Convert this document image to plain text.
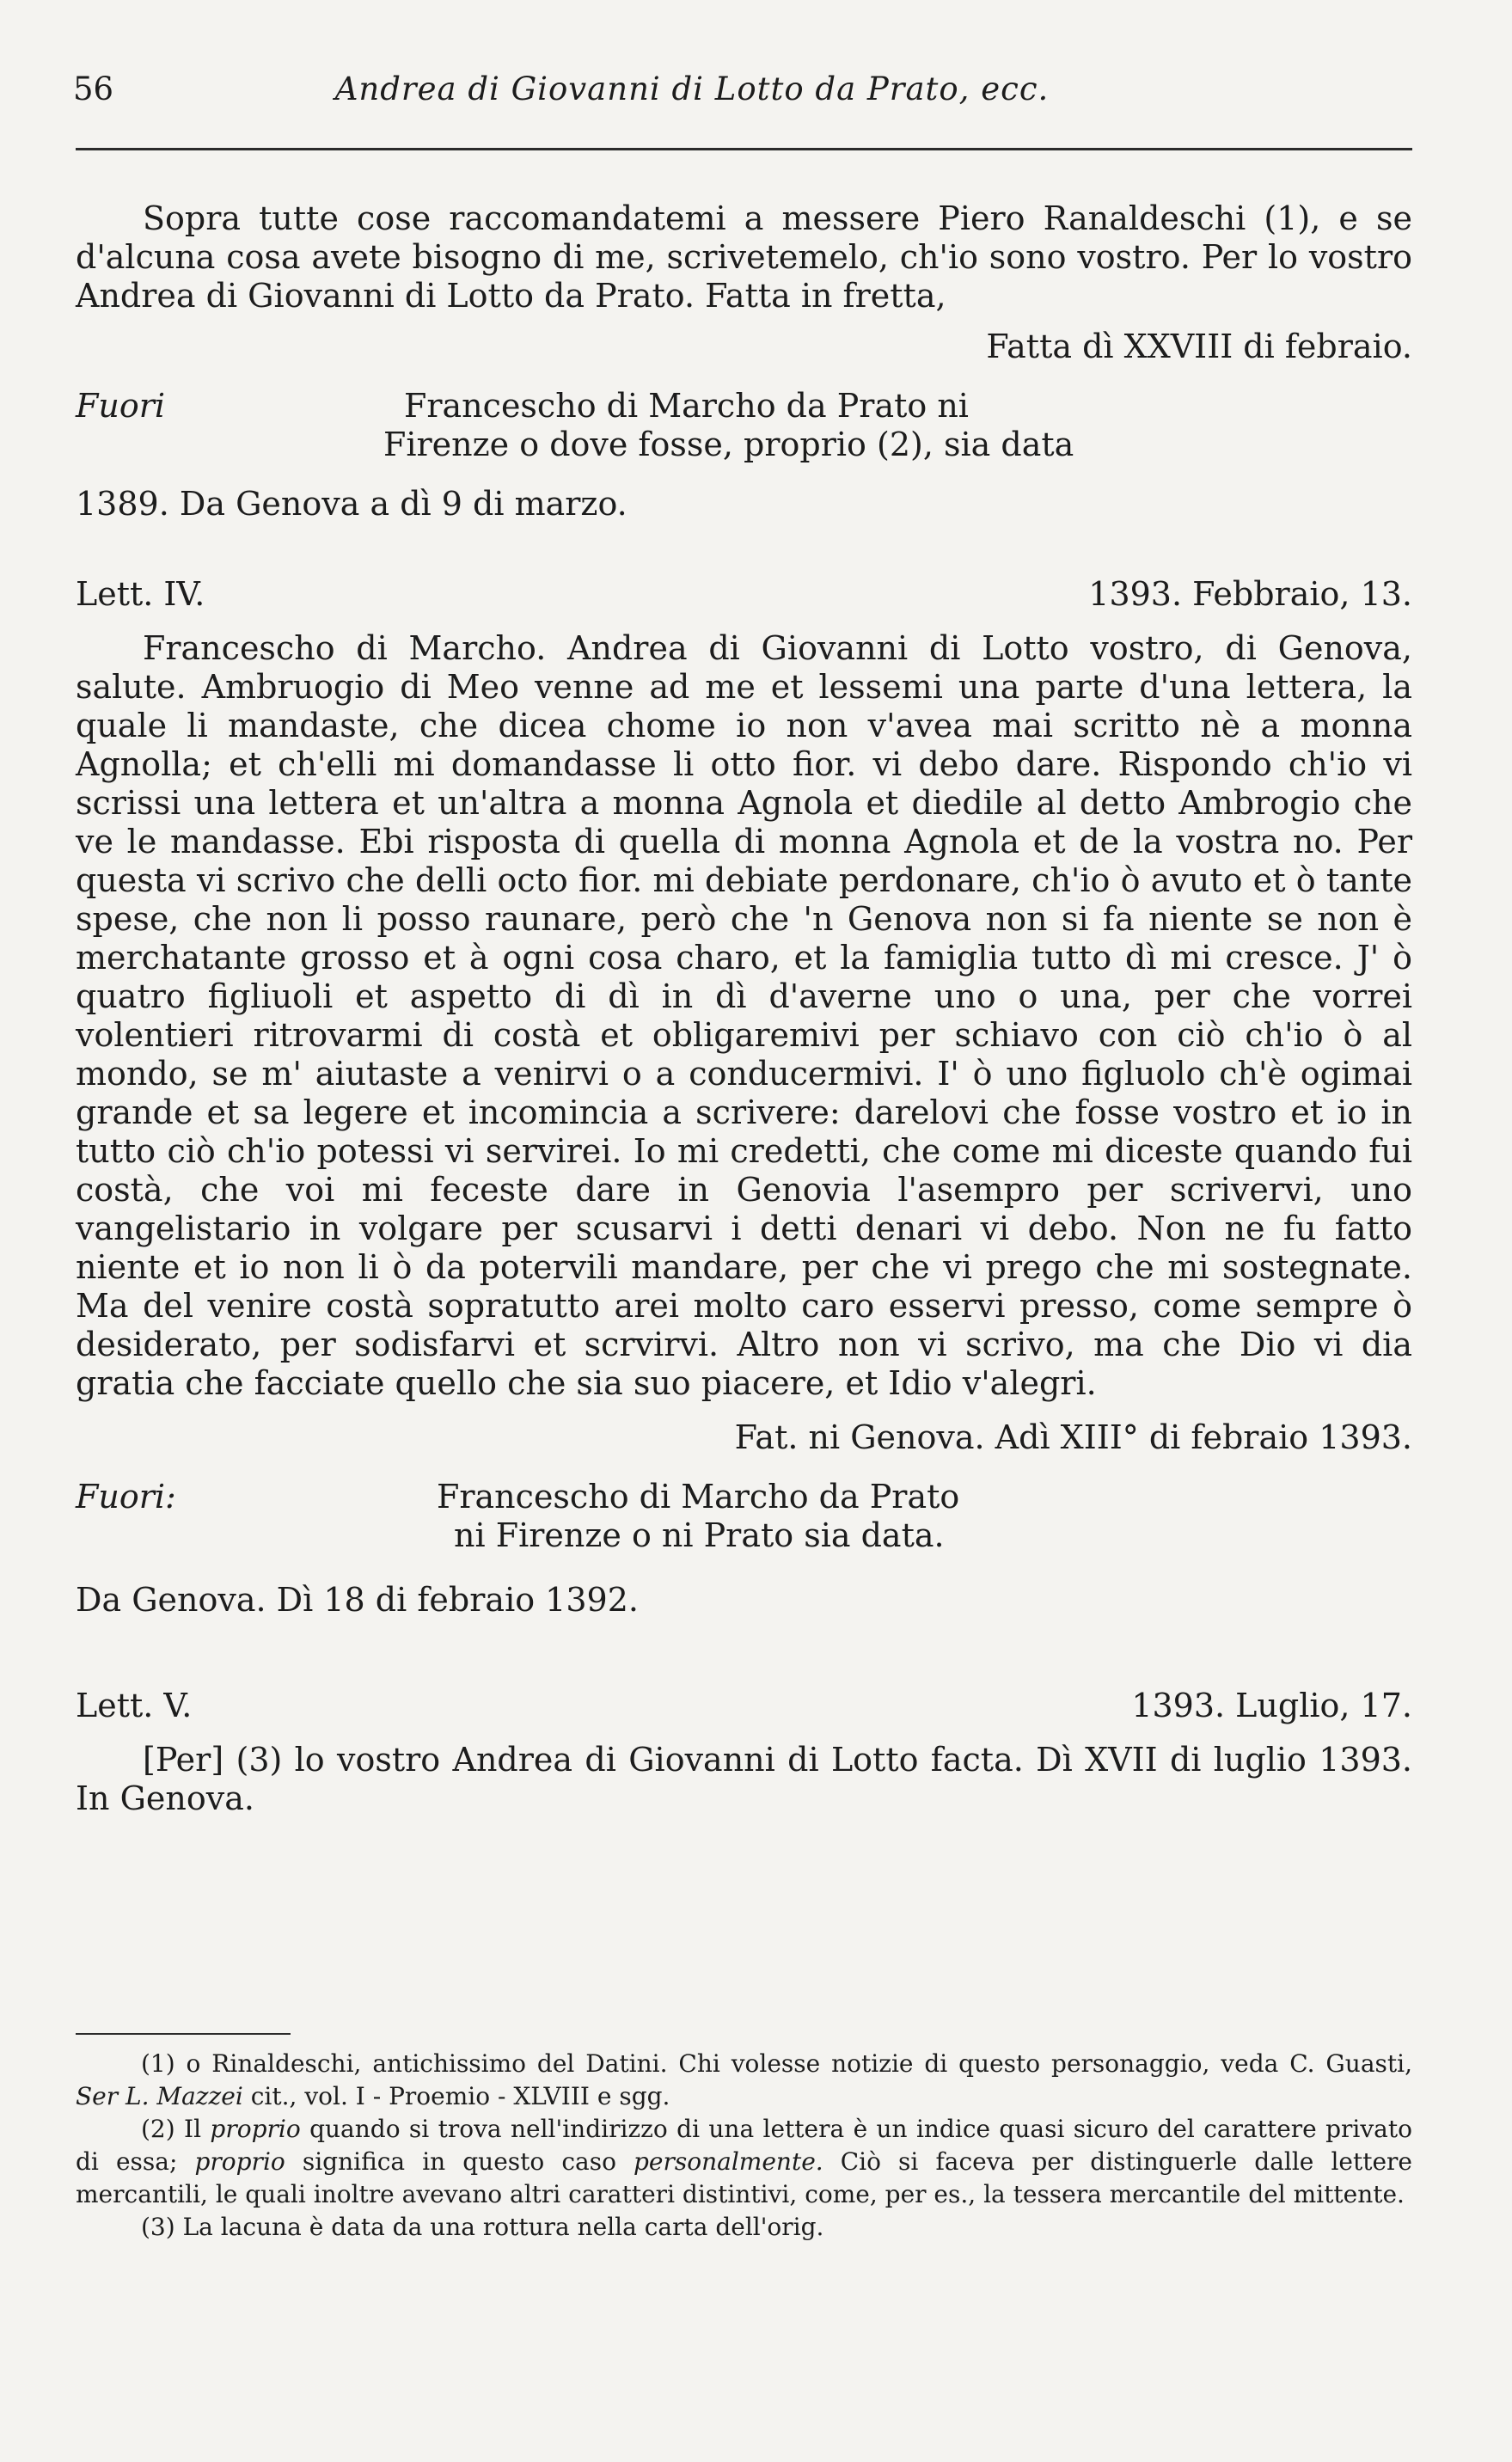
56	Andrea di Giovanni di Lotto da Prato, ecc.

Sopra tutte cose raccomandatemi a messere Piero Ranaldeschi (1), e se d'alcuna cosa avete bisogno di me, scrivetemelo, ch'io sono vostro. Per lo vostro Andrea di Giovanni di Lotto da Prato. Fatta in fretta,

Fatta dì XXVIII di febraio.
Fuori	Francescho di Marcho da Prato ni
Firenze o dove fosse, proprio (2), sia data
1389. Da Genova a dì 9 di marzo.
Lett. IV.	1393. Febbraio, 13.

Francescho di Marcho. Andrea di Giovanni di Lotto vostro, di Genova, salute. Ambruogio di Meo venne ad me et lessemi una parte d'una lettera, la quale li mandaste, che dicea chome io non v'avea mai scritto nè a monna Agnolla; et ch'elli mi domandasse li otto fior. vi debo dare. Rispondo ch'io vi scrissi una lettera et un'altra a monna Agnola et diedile al detto Ambrogio che ve le mandasse. Ebi risposta di quella di monna Agnola et de la vostra no. Per questa vi scrivo che delli octo fior. mi debiate perdonare, ch'io ò avuto et ò tante spese, che non li posso raunare, però che 'n Genova non si fa niente se non è merchatante grosso et à ogni cosa charo, et la famiglia tutto dì mi cresce. J' ò quatro figliuoli et aspetto di dì in dì d'averne uno o una, per che vorrei volentieri ritrovarmi di costà et obligaremivi per schiavo con ciò ch'io ò al mondo, se m' aiutaste a venirvi o a conducermivi. I' ò uno figluolo ch'è ogimai grande et sa legere et incomincia a scrivere: darelovi che fosse vostro et io in tutto ciò ch'io potessi vi servirei. Io mi credetti, che come mi diceste quando fui costà, che voi mi feceste dare in Genovia l'asempro per scrivervi, uno vangelistario in volgare per scusarvi i detti denari vi debo. Non ne fu fatto niente et io non li ò da potervili mandare, per che vi prego che mi sostegnate. Ma del venire costà sopratutto arei molto caro esservi presso, come sempre ò desiderato, per sodisfarvi et scrvirvi. Altro non vi scrivo, ma che Dio vi dia gratia che facciate quello che sia suo piacere, et Idio v'alegri.

Fat. ni Genova. Adì XIII° di febraio 1393.
Fuori:	Francescho di Marcho da Prato
ni Firenze o ni Prato sia data.
Da Genova. Dì 18 di febraio 1392.
Lett. V.	1393. Luglio, 17.

[Per] (3) lo vostro Andrea di Giovanni di Lotto facta. Dì XVII di luglio 1393. In Genova.

(1) o Rinaldeschi, antichissimo del Datini. Chi volesse notizie di questo personaggio, veda C. Guasti, Ser L. Mazzei cit., vol. I - Proemio - XLVIII e sgg.

(2) Il proprio quando si trova nell'indirizzo di una lettera è un indice quasi sicuro del carattere privato di essa; proprio significa in questo caso personalmente. Ciò si faceva per distinguerle dalle lettere mercantili, le quali inoltre avevano altri caratteri distintivi, come, per es., la tessera mercantile del mittente.

(3) La lacuna è data da una rottura nella carta dell'orig.
